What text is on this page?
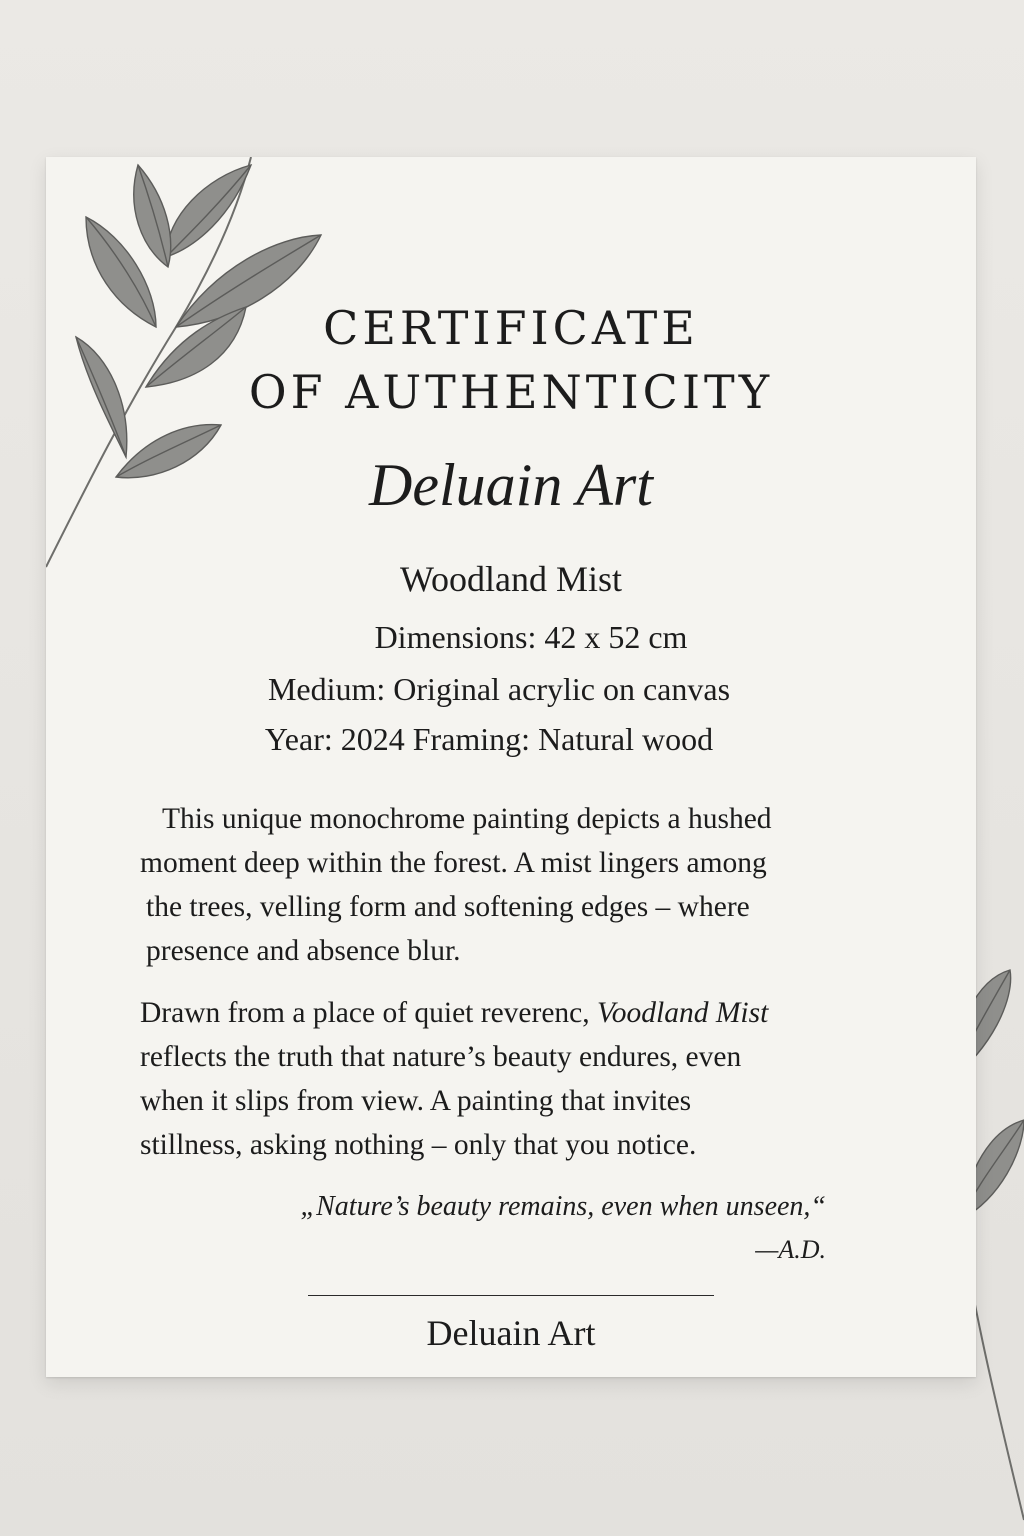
CERTIFICATE
OF AUTHENTICITY
Deluain Art
Woodland Mist
Dimensions: 42 x 52 cm
Medium: Original acrylic on canvas
Year: 2024 Framing: Natural wood

This unique monochrome painting depicts a hushed
moment deep within the forest. A mist lingers among
the trees, velling form and softening edges – where
presence and absence blur.

Drawn from a place of quiet reverenc, Voodland Mist
reflects the truth that nature’s beauty endures, even
when it slips from view. A painting that invites
stillness, asking nothing – only that you notice.

„Nature’s beauty remains, even when unseen,“
—A.D.
Deluain Art
